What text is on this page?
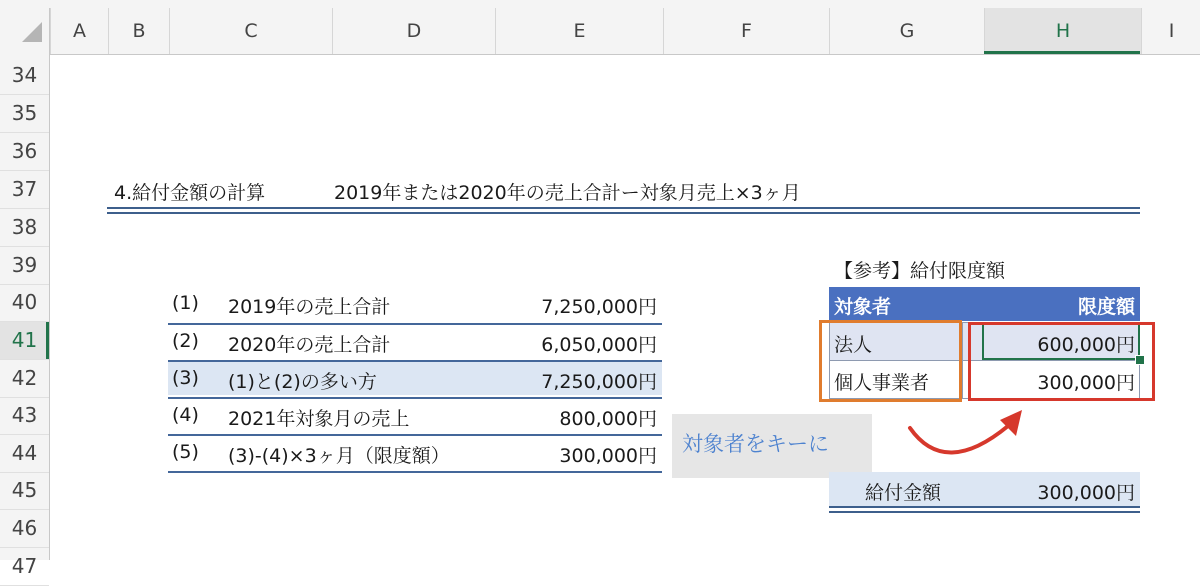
A	B	C	D	E	F	G	H	I
34
35
36
37
38
39
40
41
42
43
44
45
46
47
4.給付金額の計算	2019年または2020年の売上合計ー対象月売上×3ヶ月
(1) 2019年の売上合計	7,250,000円
(2) 2020年の売上合計	6,050,000円
(3) (1)と(2)の多い方	7,250,000円
(4) 2021年対象月の売上	800,000円
(5) (3)-(4)×3ヶ月（限度額）	300,000円
【参考】給付限度額
対象者	限度額
法人	600,000円
個人事業者	300,000円
対象者をキーに
給付金額	300,000円
